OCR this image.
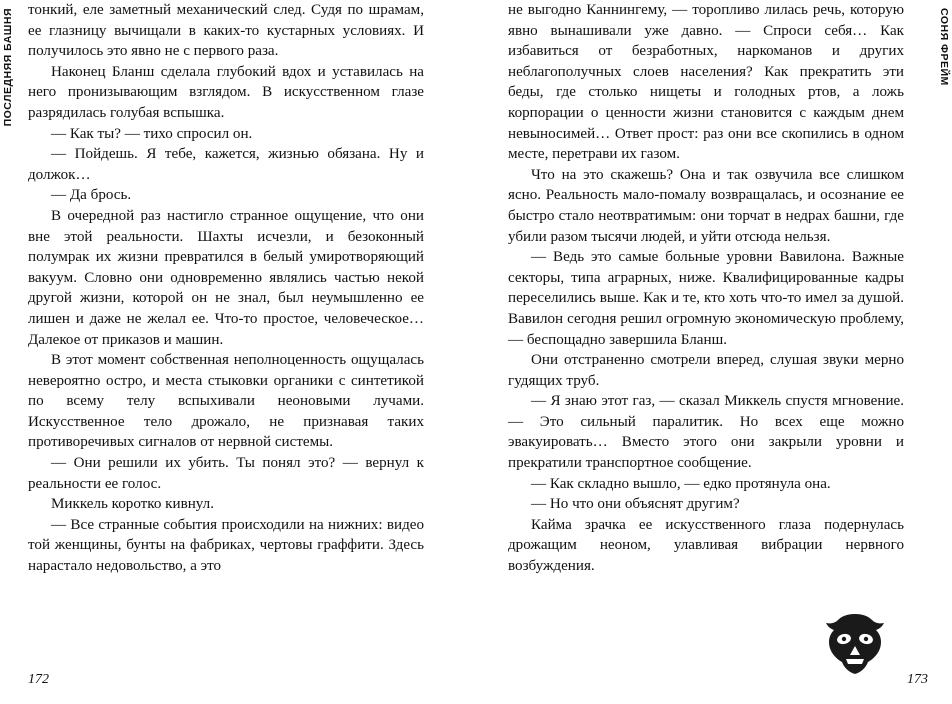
ПОСЛЕДНЯЯ БАШНЯ	СОНЯ ФРЕЙМ

тонкий, еле заметный механический след. Судя по шрамам, ее глазницу вычищали в каких-то кустарных условиях. И получилось это явно не с первого раза.

Наконец Бланш сделала глубокий вдох и уставилась на него пронизывающим взглядом. В искусственном глазе разрядилась голубая вспышка.

— Как ты? — тихо спросил он.

— Пойдешь. Я тебе, кажется, жизнью обязана. Ну и должок…

— Да брось.

В очередной раз настигло странное ощущение, что они вне этой реальности. Шахты исчезли, и безоконный полумрак их жизни превратился в белый умиротворяющий вакуум. Словно они одновременно являлись частью некой другой жизни, которой он не знал, был неумышленно ее лишен и даже не желал ее. Что-то простое, человеческое… Далекое от приказов и машин.

В этот момент собственная неполноценность ощущалась невероятно остро, и места стыковки органики с синтетикой по всему телу вспыхивали неоновыми лучами. Искусственное тело дрожало, не признавая таких противоречивых сигналов от нервной системы.

— Они решили их убить. Ты понял это? — вернул к реальности ее голос.

Миккель коротко кивнул.

— Все странные события происходили на нижних: видео той женщины, бунты на фабриках, чертовы граффити. Здесь нарастало недовольство, а это

172

не выгодно Каннингему, — торопливо лилась речь, которую явно вынашивали уже давно. — Спроси себя… Как избавиться от безработных, наркоманов и других неблагополучных слоев населения? Как прекратить эти беды, где столько нищеты и голодных ртов, а ложь корпорации о ценности жизни становится с каждым днем невыносимей… Ответ прост: раз они все скопились в одном месте, перетрави их газом.

Что на это скажешь? Она и так озвучила все слишком ясно. Реальность мало-помалу возвращалась, и осознание ее быстро стало неотвратимым: они торчат в недрах башни, где убили разом тысячи людей, и уйти отсюда нельзя.

— Ведь это самые больные уровни Вавилона. Важные секторы, типа аграрных, ниже. Квалифицированные кадры переселились выше. Как и те, кто хоть что-то имел за душой. Вавилон сегодня решил огромную экономическую проблему, — беспощадно завершила Бланш.

Они отстраненно смотрели вперед, слушая звуки мерно гудящих труб.

— Я знаю этот газ, — сказал Миккель спустя мгновение. — Это сильный паралитик. Но всех еще можно эвакуировать… Вместо этого они закрыли уровни и прекратили транспортное сообщение.

— Как складно вышло, — едко протянула она.

— Но что они объяснят другим?

Кайма зрачка ее искусственного глаза подернулась дрожащим неоном, улавливая вибрации нервного возбуждения.

173
